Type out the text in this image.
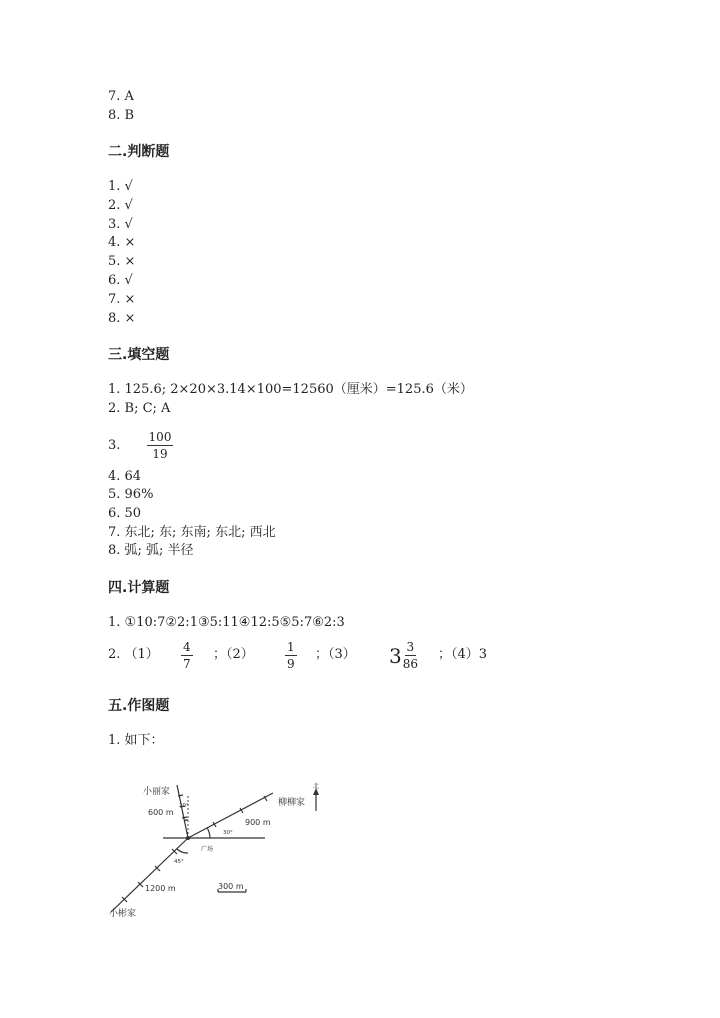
7. A
8. B
二.判断题
1. √
2. √
3. √
4. ×
5. ×
6. √
7. ×
8. ×
三.填空题
1. 125.6; 2×20×3.14×100=12560（厘米）=125.6（米）
2. B; C; A
3. $\frac{100}{19}$
4. 64
5. 96%
6. 50
7. 东北; 东; 东南; 东北; 西北
8. 弧; 弧; 半径
四.计算题
1. ①10:7②2:1③5:11④12:5⑤5:7⑥2:3
2. $(1) \frac{4}{7}$ ；（2）	$\frac{1}{9}$ ；（3） $3 \frac{3}{86}$ ；（4）3
五.作图题
1. 如下：
小丽家
柳柳家
小彬家
北
广场
600 m
900 m
1200 m
20°
30°
45°
300 m
